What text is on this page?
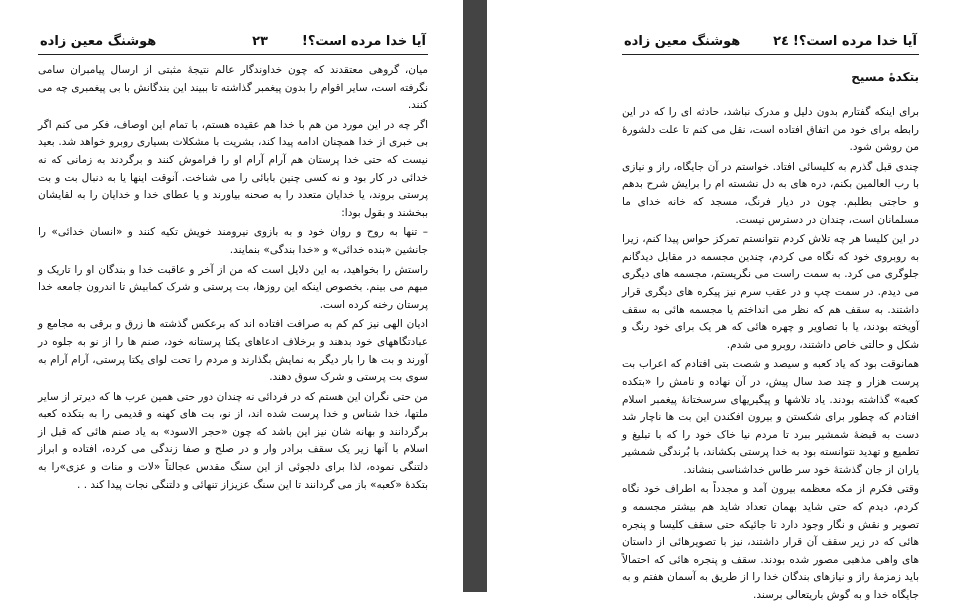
آیا خدا مرده است؟!
۲۳
هوشنگ معین زاده

میان، گروهی معتقدند که چون خداوندگار عالم نتیجهٔ مثبتی از ارسال پیامبران سامی نگرفته است، سایر اقوام را بدون پیغمبر گذاشته تا ببیند این بندگانش با بی پیغمبری چه می کنند.

اگر چه در این مورد من هم با خدا هم عقیده هستم، با تمام این اوصاف، فکر می کنم اگر بی خبری از خدا همچنان ادامه پیدا کند، بشریت با مشکلات بسیاری روبرو خواهد شد. بعید نیست که حتی خدا پرستان هم آرام آرام او را فراموش کنند و برگردند به زمانی که نه خدائی در کار بود و نه کسی چنین بابائی را می شناخت. آنوقت اینها یا به دنبال بت و بت پرستی بروند، یا خدایان متعدد را به صحنه بیاورند و یا عطای خدا و خدایان را به لقایشان ببخشند و بقول بودا:

– تنها به روح و روان خود و به بازوی نیرومند خویش تکیه کنند و «انسان خدائی» را جانشین «بنده خدائی» و «خدا بندگی» بنمایند.

راستش را بخواهید، به این دلایل است که من از آخر و عاقبت خدا و بندگان او را تاریک و مبهم می بینم. بخصوص اینکه این روزها، بت پرستی و شرک کمابیش تا اندرون جامعه خدا پرستان رخنه کرده است.

ادیان الهی نیز کم کم به صرافت افتاده اند که برعکس گذشته ها زرق و برقی به مجامع و عبادتگاههای خود بدهند و برخلاف ادعاهای یکتا پرستانه خود، صنم ها را از نو به جلوه در آورند و بت ها را بار دیگر به نمایش بگذارند و مردم را تحت لوای یکتا پرستی، آرام آرام به سوی بت پرستی و شرک سوق دهند.

من حتی نگران این هستم که در فردائی نه چندان دور حتی همین عرب ها که دیرتر از سایر ملتها، خدا شناس و خدا پرست شده اند، از نو، بت های کهنه و قدیمی را به بتکده کعبه برگردانند و بهانه شان نیز این باشد که چون «حجر الاسود» به یاد صنم هائی که قبل از اسلام با آنها زیر یک سقف برادر وار و در صلح و صفا زندگی می کرده، افتاده و ابراز دلتنگی نموده، لذا برای دلجوئی از این سنگ مقدس عجالتاً «لات و منات و عزی»را به بتکدهٔ «کعبه» باز می گردانند تا این سنگ عزیزاز تنهائی و دلتنگی نجات پیدا کند . .

آیا خدا مرده است؟!
۲٤
هوشنگ معین زاده
بتکدهٔ مسیح

برای اینکه گفتارم بدون دلیل و مدرک نباشد، حادثه ای را که در این رابطه برای خود من اتفاق افتاده است، نقل می کنم تا علت دلشورهٔ من روشن شود.

چندی قبل گذرم به کلیسائی افتاد. خواستم در آن جایگاه، راز و نیازی با رب العالمین بکنم، دره های به دل نشسته ام را برایش شرح بدهم و حاجتی بطلبم. چون در دیار فرنگ، مسجد که خانه خدای ما مسلمانان است، چندان در دسترس نیست.

در این کلیسا هر چه تلاش کردم نتوانستم تمرکز حواس پیدا کنم، زیرا به روبروی خود که نگاه می کردم، چندین مجسمه در مقابل دیدگانم جلوگری می کرد. به سمت راست می نگریستم، مجسمه های دیگری می دیدم. در سمت چپ و در عقب سرم نیز پیکره های دیگری قرار داشتند. به سقف هم که نظر می انداختم یا مجسمه هائی به سقف آویخته بودند، یا با تصاویر و چهره هائی که هر یک برای خود رنگ و شکل و حالتی خاص داشتند، روبرو می شدم.

همانوقت بود که یاد کعبه و سیصد و شصت بتی افتادم که اعراب بت پرست هزار و چند صد سال پیش، در آن نهاده و نامش را «بتکده کعبه» گذاشته بودند. یاد تلاشها و پیگیریهای سرسختانهٔ پیغمبر اسلام افتادم که چطور برای شکستن و بیرون افکندن این بت ها ناچار شد دست به قبضهٔ شمشیر ببرد تا مردم نیا خاک خود را که با تبلیغ و تطمیع و تهدید نتوانسته بود به خدا پرستی بکشاند، با بُرندگی شمشیر یاران از جان گذشتهٔ خود سر طاس خداشناسی بنشاند.

وقتی فکرم از مکه معظمه بیرون آمد و مجدداً به اطراف خود نگاه کردم، دیدم که حتی شاید بهمان تعداد شاید هم بیشتر مجسمه و تصویر و نقش و نگار وجود دارد تا جائیکه حتی سقف کلیسا و پنجره هائی که در زیر سقف آن قرار داشتند، نیز با تصویرهائی از داستان های واهی مذهبی مصور شده بودند. سقف و پنجره هائی که احتمالاً باید زمزمهٔ راز و نیازهای بندگان خدا را از طریق به آسمان هفتم و به جایگاه خدا و به گوش باریتعالی برسند.
